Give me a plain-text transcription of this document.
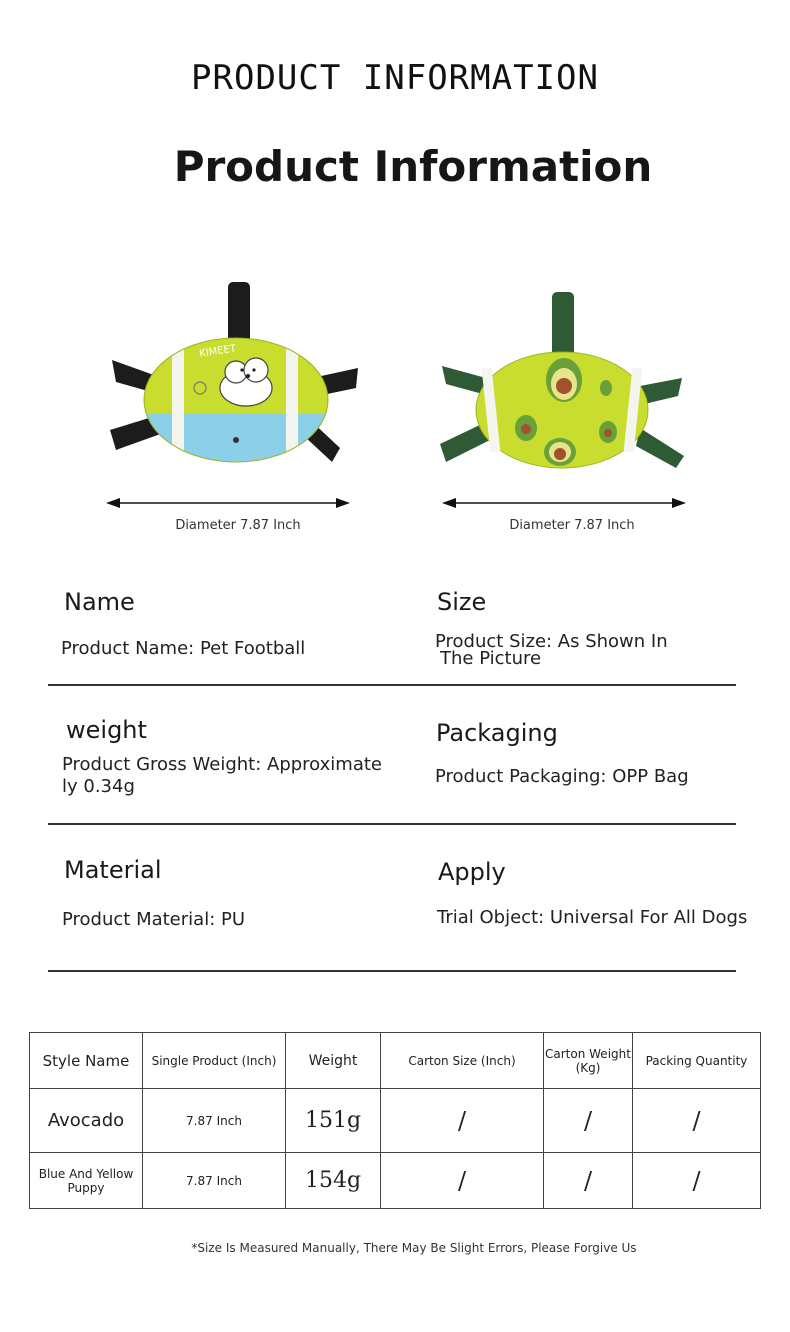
PRODUCT INFORMATION
Product Information
KIMEET
Diameter 7.87 Inch	Diameter 7.87 Inch
Name
Product Name: Pet Football
Size
Product Size: As Shown In
The Picture
weight
Product Gross Weight: Approximate
ly 0.34g
Packaging
Product Packaging: OPP Bag
Material
Product Material: PU
Apply
Trial Object: Universal For All Dogs
Style Name	Single Product (Inch)	Weight	Carton Size (Inch)	Carton Weight (Kg)	Packing Quantity
Avocado	7.87 Inch	151g	/	/	/
Blue And Yellow Puppy	7.87 Inch	154g	/	/	/
*Size Is Measured Manually, There May Be Slight Errors, Please Forgive Us
